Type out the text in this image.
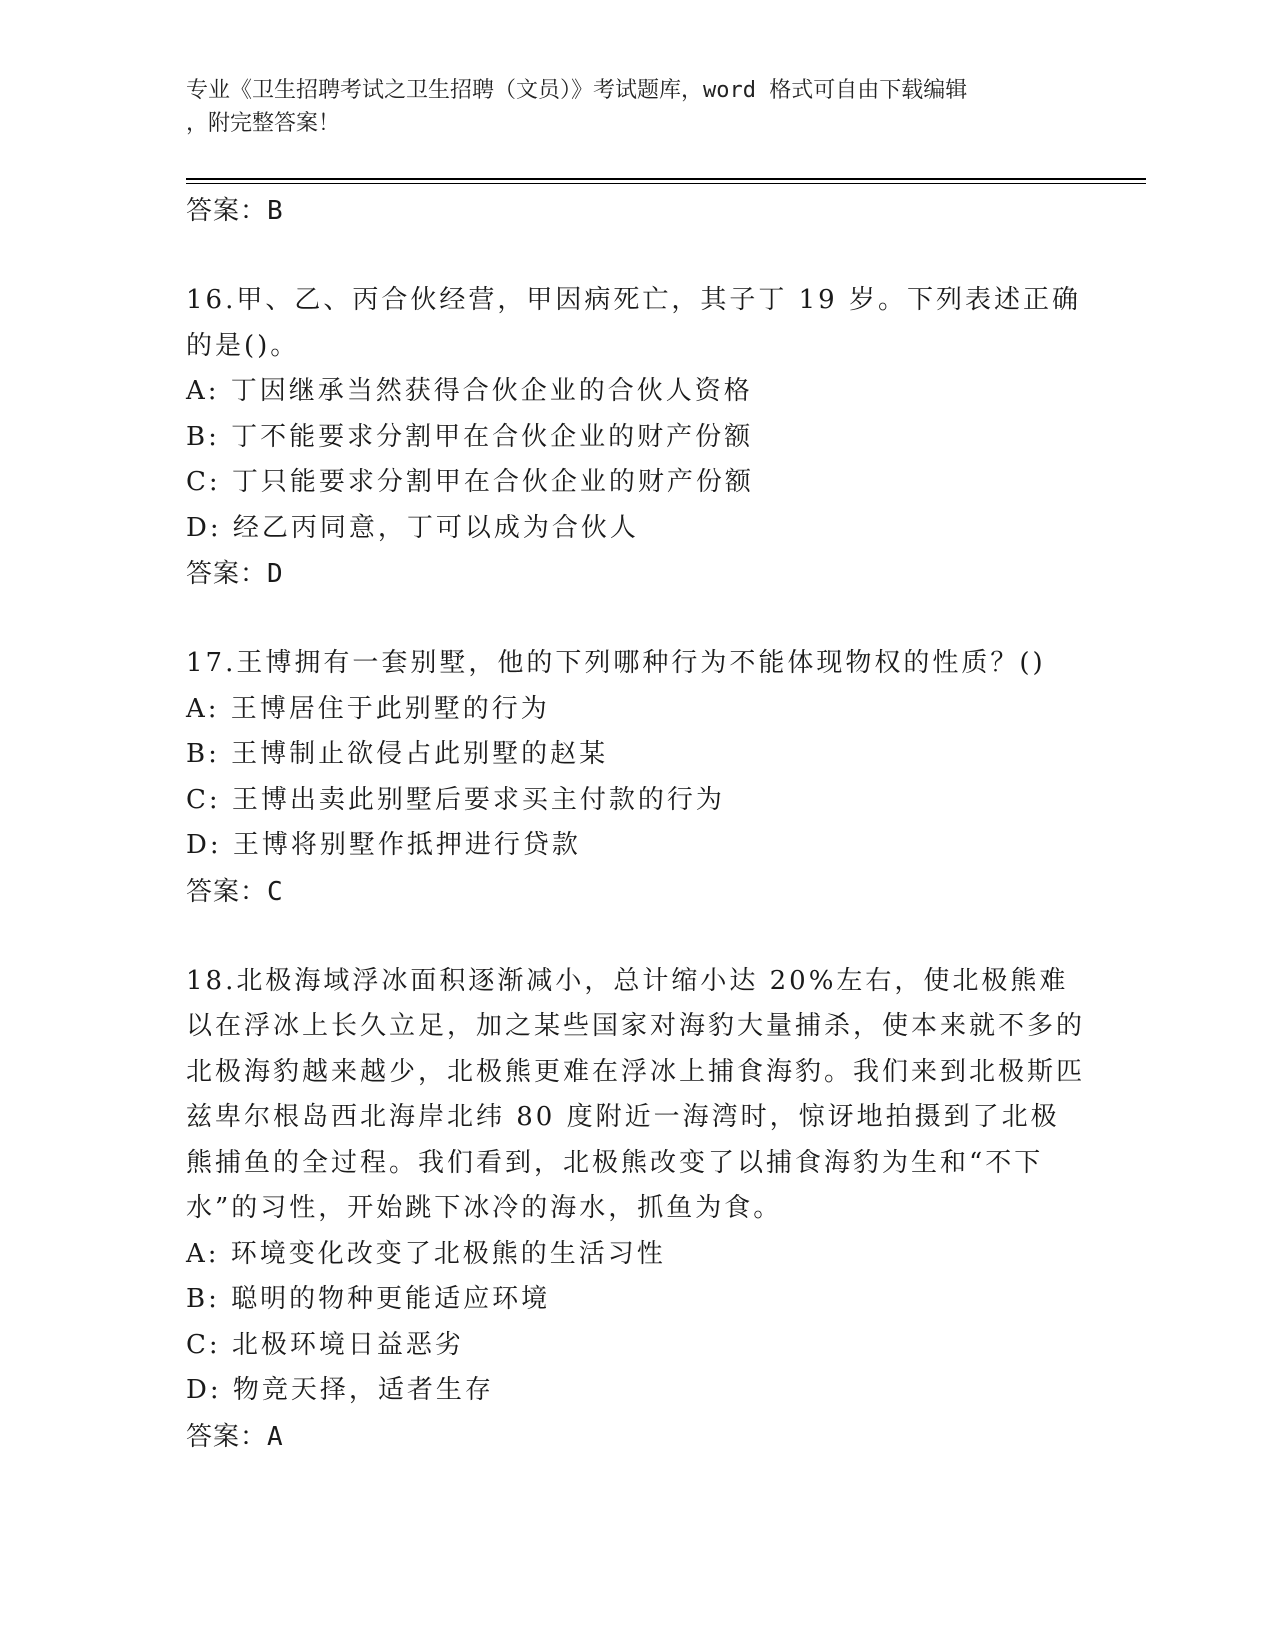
专业《卫生招聘考试之卫生招聘（文员）》考试题库，word 格式可自由下载编辑
，附完整答案！

答案：B

16.甲、乙、丙合伙经营，甲因病死亡，其子丁 19 岁。下列表述正确的是()。

A: 丁因继承当然获得合伙企业的合伙人资格

B: 丁不能要求分割甲在合伙企业的财产份额

C: 丁只能要求分割甲在合伙企业的财产份额

D: 经乙丙同意，丁可以成为合伙人

答案：D

17.王博拥有一套别墅，他的下列哪种行为不能体现物权的性质？()

A: 王博居住于此别墅的行为

B: 王博制止欲侵占此别墅的赵某

C: 王博出卖此别墅后要求买主付款的行为

D: 王博将别墅作抵押进行贷款

答案：C

18.北极海域浮冰面积逐渐减小，总计缩小达 20%左右，使北极熊难以在浮冰上长久立足，加之某些国家对海豹大量捕杀，使本来就不多的北极海豹越来越少，北极熊更难在浮冰上捕食海豹。我们来到北极斯匹兹卑尔根岛西北海岸北纬 80 度附近一海湾时，惊讶地拍摄到了北极熊捕鱼的全过程。我们看到，北极熊改变了以捕食海豹为生和“不下水”的习性，开始跳下冰冷的海水，抓鱼为食。

A: 环境变化改变了北极熊的生活习性

B: 聪明的物种更能适应环境

C: 北极环境日益恶劣

D: 物竞天择，适者生存

答案：A
